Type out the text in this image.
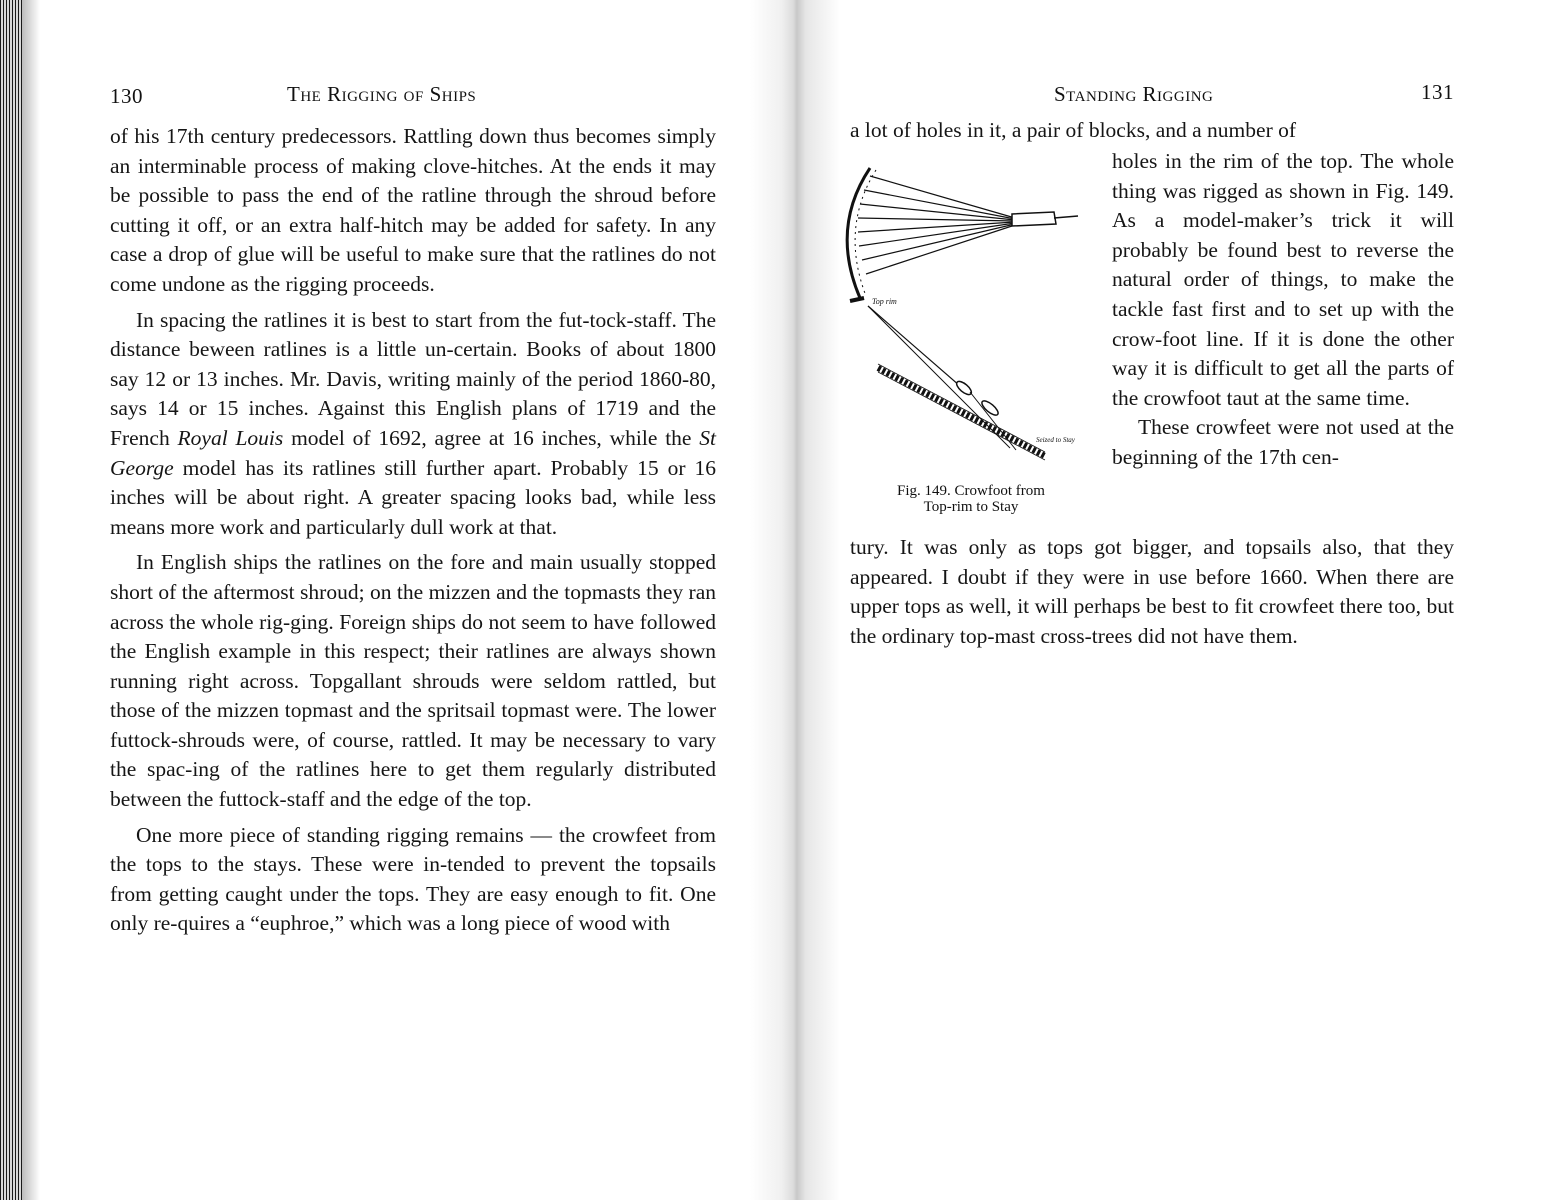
130	The Rigging of Ships

of his 17th century predecessors. Rattling down thus becomes simply an interminable process of making clove-hitches. At the ends it may be possible to pass the end of the ratline through the shroud before cutting it off, or an extra half-hitch may be added for safety. In any case a drop of glue will be useful to make sure that the ratlines do not come undone as the rigging proceeds.

In spacing the ratlines it is best to start from the fut-tock-staff. The distance beween ratlines is a little un-certain. Books of about 1800 say 12 or 13 inches. Mr. Davis, writing mainly of the period 1860-80, says 14 or 15 inches. Against this English plans of 1719 and the French Royal Louis model of 1692, agree at 16 inches, while the St George model has its ratlines still further apart. Probably 15 or 16 inches will be about right. A greater spacing looks bad, while less means more work and particularly dull work at that.

In English ships the ratlines on the fore and main usually stopped short of the aftermost shroud; on the mizzen and the topmasts they ran across the whole rig-ging. Foreign ships do not seem to have followed the English example in this respect; their ratlines are always shown running right across. Topgallant shrouds were seldom rattled, but those of the mizzen topmast and the spritsail topmast were. The lower futtock-shrouds were, of course, rattled. It may be necessary to vary the spac-ing of the ratlines here to get them regularly distributed between the futtock-staff and the edge of the top.

One more piece of standing rigging remains — the crowfeet from the tops to the stays. These were in-tended to prevent the topsails from getting caught under the tops. They are easy enough to fit. One only re-quires a “euphroe,” which was a long piece of wood with

Standing Rigging	131
a lot of holes in it, a pair of blocks, and a number of

holes in the rim of the top. The whole thing was rigged as shown in Fig. 149. As a model-maker’s trick it will probably be found best to reverse the natural order of things, to make the tackle fast first and to set up with the crow-foot line. If it is done the other way it is difficult to get all the parts of the crowfoot taut at the same time.

These crowfeet were not used at the beginning of the 17th cen-

Top rim
Seized to Stay
Fig. 149. Crowfoot from
Top-rim to Stay
tury. It was only as tops got bigger, and topsails also, that they appeared. I doubt if they were in use before 1660. When there are upper tops as well, it will perhaps be best to fit crowfeet there too, but the ordinary top-mast cross-trees did not have them.
